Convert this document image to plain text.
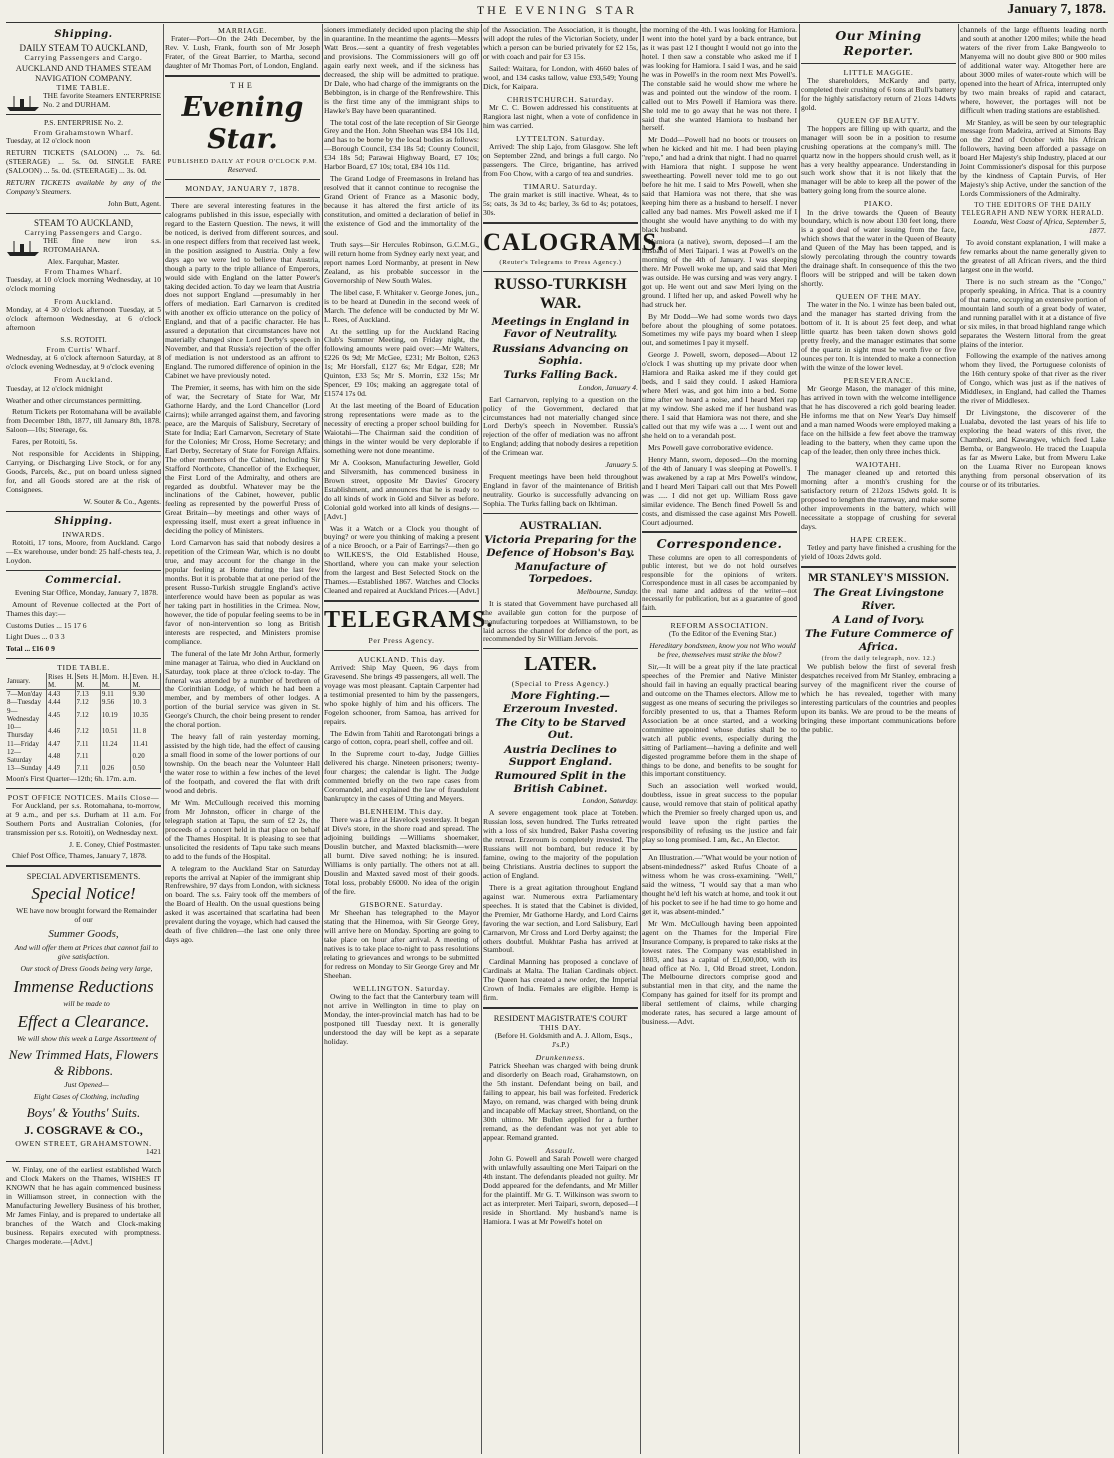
THE EVENING STAR	January 7, 1878.
Shipping.
DAILY STEAM TO AUCKLAND,
Carrying Passengers and Cargo.
AUCKLAND AND THAMES STEAM NAVIGATION COMPANY.
TIME TABLE.

THE favorite Steamers ENTERPRISE No. 2 and DURHAM.

P.S. ENTERPRISE No. 2.
From Grahamstown Wharf.

Tuesday, at 12 o'clock noon

RETURN TICKETS (SALOON) ... 7s. 6d. (STEERAGE) ... 5s. 0d. SINGLE FARE (SALOON) ... 5s. 0d. (STEERAGE) ... 3s. 0d.

RETURN TICKETS available by any of the Company's Steamers.

John Butt, Agent.

STEAM TO AUCKLAND,
Carrying Passengers and Cargo.

THE fine new iron s.s. ROTOMAHANA.

Alex. Farquhar, Master.
From Thames Wharf.

Tuesday, at 10 o'clock morning Wednesday, at 10 o'clock morning

From Auckland.

Monday, at 4 30 o'clock afternoon Tuesday, at 5 o'clock afternoon Wednesday, at 6 o'clock afternoon

S.S. ROTOITI.
From Curtis' Wharf.

Wednesday, at 6 o'clock afternoon Saturday, at 8 o'clock evening Wednesday, at 9 o'clock evening

From Auckland.

Tuesday, at 12 o'clock midnight

Weather and other circumstances permitting.

Return Tickets per Rotomahana will be available from December 18th, 1877, till January 8th, 1878. Saloon—10s; Steerage, 6s.

Fares, per Rotoiti, 5s.

Not responsible for Accidents in Shipping, Carrying, or Discharging Live Stock, or for any Goods, Parcels, &c., put on board unless signed for, and all Goods stored are at the risk of Consignees.

W. Souter & Co., Agents.

Shipping.
INWARDS.

Rotoiti, 17 tons, Moore, from Auckland. Cargo—Ex warehouse, under bond: 25 half-chests tea, J. Loydon.

Commercial.

Evening Star Office, Monday, January 7, 1878.

Amount of Revenue collected at the Port of Thames this day:—

Customs Duties ... 15 17 6

Light Dues ... 0 3 3

Total ... £16 0 9

TIDE TABLE.
January.	Rises H. M.	Sets H. M.	Morn. H. M.	Even. H. M.
7—Mon'day	4.43	7.13	9.11	9.30
8—Tuesday	4.44	7.12	9.56	10. 3
9—Wednesday	4.45	7.12	10.19	10.35
10—Thursday	4.46	7.12	10.51	11. 8
11—Friday	4.47	7.11	11.24	11.41
12—Saturday	4.48	7.11		0.20
13—Sunday	4.49	7.11	0.26	0.50

Moon's First Quarter—12th; 6h. 17m. a.m.

POST OFFICE NOTICES. Mails Close—

For Auckland, per s.s. Rotomahana, to-morrow, at 9 a.m., and per s.s. Durham at 11 a.m. For Southern Ports and Australian Colonies, (for transmission per s.s. Rotoiti), on Wednesday next.

J. E. Coney, Chief Postmaster.

Chief Post Office, Thames, January 7, 1878.

SPECIAL ADVERTISEMENTS.
Special Notice!

WE have now brought forward the Remainder of our

Summer Goods,

And will offer them at Prices that cannot fail to give satisfaction.

Our stock of Dress Goods being very large,

Immense Reductions

will be made to

Effect a Clearance.

We will show this week a Large Assortment of

New Trimmed Hats, Flowers & Ribbons.

Just Opened—

Eight Cases of Clothing, including

Boys' & Youths' Suits.
J. COSGRAVE & CO.,
OWEN STREET, GRAHAMSTOWN.

1421

W. Finlay, one of the earliest established Watch and Clock Makers on the Thames, WISHES IT KNOWN that he has again commenced business in Williamson street, in connection with the Manufacturing Jewellery Business of his brother, Mr James Finlay, and is prepared to undertake all branches of the Watch and Clock-making business. Repairs executed with promptness. Charges moderate.—[Advt.]

MARRIAGE.

Frater—Port—On the 24th December, by the Rev. V. Lush, Frank, fourth son of Mr Joseph Frater, of the Great Barrier, to Martha, second daughter of Mr Thomas Port, of London, England.

THE
Evening Star.
PUBLISHED DAILY AT FOUR O'CLOCK P.M.
Reserved.
MONDAY, JANUARY 7, 1878.

There are several interesting features in the calograms published in this issue, especially with regard to the Eastern Question. The news, it will be noticed, is derived from different sources, and in one respect differs from that received last week, in the position assigned to Austria. Only a few days ago we were led to believe that Austria, though a party to the triple alliance of Emperors, would side with England on the latter Power's taking decided action. To day we learn that Austria does not support England —presumably in her offers of mediation. Earl Carnarvon is credited with another ex officio utterance on the policy of England, and that of a pacific character. He has assured a deputation that circumstances have not materially changed since Lord Derby's speech in November, and that Russia's rejection of the offer of mediation is not understood as an affront to England. The rumored difference of opinion in the Cabinet we have previously noted.

The Premier, it seems, has with him on the side of war, the Secretary of State for War, Mr Gathorne Hardy, and the Lord Chancellor (Lord Cairns); while arranged against them, and favoring peace, are the Marquis of Salisbury, Secretary of State for India; Earl Carnarvon, Secretary of State for the Colonies; Mr Cross, Home Secretary; and Earl Derby, Secretary of State for Foreign Affairs. The other members of the Cabinet, including Sir Stafford Northcote, Chancellor of the Exchequer, the First Lord of the Admiralty, and others are regarded as doubtful. Whatever may be the inclinations of the Cabinet, however, public feeling as represented by the powerful Press of Great Britain—by meetings and other ways of expressing itself, must exert a great influence in deciding the policy of Ministers.

Lord Carnarvon has said that nobody desires a repetition of the Crimean War, which is no doubt true, and may account for the change in the popular feeling at Home during the last few months. But it is probable that at one period of the present Russo-Turkish struggle England's active interference would have been as popular as was her taking part in hostilities in the Crimea. Now, however, the tide of popular feeling seems to be in favor of non-intervention so long as British interests are respected, and Ministers promise compliance.

The funeral of the late Mr John Arthur, formerly mine manager at Tairua, who died in Auckland on Saturday, took place at three o'clock to-day. The funeral was attended by a number of brethren of the Corinthian Lodge, of which he had been a member, and by members of other lodges. A portion of the burial service was given in St. George's Church, the choir being present to render the choral portion.

The heavy fall of rain yesterday morning, assisted by the high tide, had the effect of causing a small flood in some of the lower portions of our township. On the beach near the Volunteer Hall the water rose to within a few inches of the level of the footpath, and covered the flat with drift wood and debris.

Mr Wm. McCullough received this morning from Mr Johnston, officer in charge of the telegraph station at Tapu, the sum of £2 2s, the proceeds of a concert held in that place on behalf of the Thames Hospital. It is pleasing to see that unsolicited the residents of Tapu take such means to add to the funds of the Hospital.

A telegram to the Auckland Star on Saturday reports the arrival at Napier of the immigrant ship Renfrewshire, 97 days from London, with sickness on board. The s.s. Fairy took off the members of the Board of Health. On the usual questions being asked it was ascertained that scarlatina had been prevalent during the voyage, which had caused the death of five children—the last one only three days ago.

sioners immediately decided upon placing the ship in quarantine. In the meantime the agents—Messrs Watt Bros.—sent a quantity of fresh vegetables and provisions. The Commissioners will go off again early next week, and if the sickness has decreased, the ship will be admitted to pratique. Dr Dale, who had charge of the immigrants on the Bebbington, is in charge of the Renfrewshire. This is the first time any of the immigrant ships to Hawke's Bay have been quarantined.

The total cost of the late reception of Sir George Grey and the Hon. John Sheehan was £84 10s 11d, and has to be borne by the local bodies as follows:—Borough Council, £34 18s 5d; County Council, £34 18s 5d; Parawai Highway Board, £7 10s; Harbor Board, £7 10s; total, £84 10s 11d.

The Grand Lodge of Freemasons in Ireland has resolved that it cannot continue to recognise the Grand Orient of France as a Masonic body, because it has altered the first article of its constitution, and omitted a declaration of belief in the existence of God and the immortality of the soul.

Truth says—Sir Hercules Robinson, G.C.M.G., will return home from Sydney early next year, and report names Lord Normanby, at present in New Zealand, as his probable successor in the Governorship of New South Wales.

The libel case, F. Whitaker v. George Jones, jun., is to be heard at Dunedin in the second week of March. The defence will be conducted by Mr W. L. Rees, of Auckland.

At the settling up for the Auckland Racing Club's Summer Meeting, on Friday night, the following amounts were paid over:—Mr Walters, £226 0s 9d; Mr McGee, £231; Mr Bolton, £263 1s; Mr Horsfall, £127 6s; Mr Edgar, £28; Mr Quinton, £33 5s; Mr S. Morrin, £32 15s; Mr Spencer, £9 10s; making an aggregate total of £1574 17s 0d.

At the last meeting of the Board of Education strong representations were made as to the necessity of erecting a proper school building for Waiotahi—The Chairman said the condition of things in the winter would be very deplorable if something were not done meantime.

Mr A. Cookson, Manufacturing Jeweller, Gold and Silversmith, has commenced business in Brown street, opposite Mr Davies' Grocery Establishment, and announces that he is ready to do all kinds of work in Gold and Silver as before. Colonial gold worked into all kinds of designs.—[Advt.]

Was it a Watch or a Clock you thought of buying? or were you thinking of making a present of a nice Brooch, or a Pair of Earrings?—then go to WILKES'S, the Old Established House, Shortland, where you can make your selection from the largest and Best Selected Stock on the Thames.—Established 1867. Watches and Clocks Cleaned and repaired at Auckland Prices.—[Advt.]

TELEGRAMS.
Per Press Agency.
AUCKLAND. This day.

Arrived: Ship May Queen, 96 days from Gravesend. She brings 49 passengers, all well. The voyage was most pleasant. Captain Carpenter had a testimonial presented to him by the passengers, who spoke highly of him and his officers. The Fogelon schooner, from Samoa, has arrived for repairs.

The Edwin from Tahiti and Rarotongati brings a cargo of cotton, copra, pearl shell, coffee and oil.

In the Supreme court to-day, Judge Gillies delivered his charge. Nineteen prisoners; twenty-four charges; the calendar is light. The Judge commented briefly on the two rape cases from Coromandel, and explained the law of fraudulent bankruptcy in the cases of Utting and Meyers.

BLENHEIM. This day.

There was a fire at Havelock yesterday. It began at Dive's store, in the shore road and spread. The adjoining buildings —Williams shoemaker, Douslin butcher, and Maxted blacksmith—were all burnt. Dive saved nothing; he is insured. Williams is only partially. The others not at all. Douslin and Maxted saved most of their goods. Total loss, probably £6000. No idea of the origin of the fire.

GISBORNE. Saturday.

Mr Sheehan has telegraphed to the Mayor stating that the Hinemoa, with Sir George Grey, will arrive here on Monday. Sporting are going to take place on hour after arrival. A meeting of natives is to take place to-night to pass resolutions relating to grievances and wrongs to be submitted for redress on Monday to Sir George Grey and Mr Sheehan.

WELLINGTON. Saturday.

Owing to the fact that the Canterbury team will not arrive in Wellington in time to play on Monday, the inter-provincial match has had to be postponed till Tuesday next. It is generally understood the day will be kept as a separate holiday.

of the Association. The Association, it is thought, will adopt the rules of the Victorian Society, under which a person can be buried privately for £2 15s, or with coach and pair for £3 15s.

Sailed: Waitara, for London, with 4660 bales of wool, and 134 casks tallow, value £93,549; Young Dick, for Kaipara.

CHRISTCHURCH. Saturday.

Mr C. C. Bowen addressed his constituents at Rangiora last night, when a vote of confidence in him was carried.

LYTTELTON. Saturday.

Arrived: The ship Lajo, from Glasgow. She left on September 22nd, and brings a full cargo. No passengers. The Circe, brigantine, has arrived from Foo Chow, with a cargo of tea and sundries.

TIMARU. Saturday.

The grain market is still inactive. Wheat, 4s to 5s; oats, 3s 3d to 4s; barley, 3s 6d to 4s; potatoes, 30s.

CALOGRAMS.
(Reuter's Telegrams to Press Agency.)
RUSSO-TURKISH WAR.
Meetings in England in Favor of Neutrality.
Russians Advancing on Sophia.
Turks Falling Back.

London, January 4.

Earl Carnarvon, replying to a question on the policy of the Government, declared that circumstances had not materially changed since Lord Derby's speech in November. Russia's rejection of the offer of mediation was no affront to England; adding that nobody desires a repetition of the Crimean war.

January 5.

Frequent meetings have been held throughout England in favor of the maintenance of British neutrality. Gourko is successfully advancing on Sophia. The Turks falling back on Ikhtiman.

AUSTRALIAN.
Victoria Preparing for the Defence of Hobson's Bay.
Manufacture of Torpedoes.

Melbourne, Sunday.

It is stated that Government have purchased all the available gun cotton for the purpose of manufacturing torpedoes at Williamstown, to be laid across the channel for defence of the port, as recommended by Sir William Jervois.

LATER.
(Special to Press Agency.)
More Fighting.—Erzeroum Invested.
The City to be Starved Out.
Austria Declines to Support England.
Rumoured Split in the British Cabinet.

London, Saturday.

A severe engagement took place at Toteben. Russian loss, seven hundred. The Turks retreated with a loss of six hundred, Baker Pasha covering the retreat. Erzeroum is completely invested. The Russians will not bombard, but reduce it by famine, owing to the majority of the population being Christians. Austria declines to support the action of England.

There is a great agitation throughout England against war. Numerous extra Parliamentary speeches. It is stated that the Cabinet is divided, the Premier, Mr Gathorne Hardy, and Lord Cairns favoring the war section, and Lord Salisbury, Earl Carnarvon, Mr Cross and Lord Derby against; the others doubtful. Mukhtar Pasha has arrived at Stamboul.

Cardinal Manning has proposed a conclave of Cardinals at Malta. The Italian Cardinals object. The Queen has created a new order, the Imperial Crown of India. Females are eligible. Hemp is firm.

RESIDENT MAGISTRATE'S COURT
THIS DAY.

(Before H. Goldsmith and A. J. Allom, Esqs., J's.P.)

Drunkenness.

Patrick Sheehan was charged with being drunk and disorderly on Beach road, Grahamstown, on the 5th instant. Defendant being on bail, and failing to appear, his bail was forfeited. Frederick Mayo, on remand, was charged with being drunk and incapable off Mackay street, Shortland, on the 30th ultimo. Mr Bullen applied for a further remand, as the defendant was not yet able to appear. Remand granted.

Assault.

John G. Powell and Sarah Powell were charged with unlawfully assaulting one Meri Taipari on the 4th instant. The defendants pleaded not guilty. Mr Dodd appeared for the defendants, and Mr Miller for the plaintiff. Mr G. T. Wilkinson was sworn to act as interpreter. Meri Taipari, sworn, deposed—I reside in Shortland. My husband's name is Hamiora. I was at Mr Powell's hotel on

the morning of the 4th. I was looking for Hamiora. I went into the hotel yard by a back entrance, but as it was past 12 I thought I would not go into the hotel. I then saw a constable who asked me if I was looking for Hamiora. I said I was, and he said he was in Powell's in the room next Mrs Powell's. The constable said he would show me where he was and pointed out the window of the room. I called out to Mrs Powell if Hamiora was there. She told me to go away that he was not there. I said that she wanted Hamiora to husband her herself.

Mr Dodd—Powell had no boots or trousers on when he kicked and hit me. I had been playing "repo," and had a drink that night. I had no quarrel with Hamiora that night. I suppose he went sweethearting. Powell never told me to go out before he hit me. I said to Mrs Powell, when she said that Hamiora was not there, that she was keeping him there as a husband to herself. I never called any bad names. Mrs Powell asked me if I thought she would have anything to do with my black husband.

Hamiora (a native), sworn, deposed—I am the husband of Meri Taipari. I was at Powell's on the morning of the 4th of January. I was sleeping there. Mr Powell woke me up, and said that Meri was outside. He was cursing and was very angry. I got up. He went out and saw Meri lying on the ground. I lifted her up, and asked Powell why he had struck her.

By Mr Dodd—We had some words two days before about the ploughing of some potatoes. Sometimes my wife pays my board when I sleep out, and sometimes I pay it myself.

George J. Powell, sworn, deposed—About 12 o'clock I was shutting up my private door when Hamiora and Raika asked me if they could get beds, and I said they could. I asked Hamiora where Meri was, and got him into a bed. Some time after we heard a noise, and I heard Meri rap at my window. She asked me if her husband was there. I said that Hamiora was not there, and she called out that my wife was a .... I went out and she held on to a verandah post.

Mrs Powell gave corroborative evidence.

Henry Mann, sworn, deposed—On the morning of the 4th of January I was sleeping at Powell's. I was awakened by a rap at Mrs Powell's window, and I heard Meri Taipari call out that Mrs Powell was ..... I did not get up. William Ross gave similar evidence. The Bench fined Powell 5s and costs, and dismissed the case against Mrs Powell. Court adjourned.

Correspondence.

These columns are open to all correspondents of public interest, but we do not hold ourselves responsible for the opinions of writers. Correspondence must in all cases be accompanied by the real name and address of the writer—not necessarily for publication, but as a guarantee of good faith.

REFORM ASSOCIATION.

(To the Editor of the Evening Star.)

Hereditary bondsmen, know you not Who would be free, themselves must strike the blow?

Sir,—It will be a great pity if the late practical speeches of the Premier and Native Minister should fail in having an equally practical bearing and outcome on the Thames electors. Allow me to suggest as one means of securing the privileges so forcibly presented to us, that a Thames Reform Association be at once started, and a working committee appointed whose duties shall be to watch all public events, especially during the sitting of Parliament—having a definite and well digested programme before them in the shape of things to be done, and benefits to be sought for this important constituency.

Such an association well worked would, doubtless, issue in great success to the popular cause, would remove that stain of political apathy which the Premier so freely charged upon us, and would leave upon the right parties the responsibility of refusing us the justice and fair play so long promised. I am, &c., An Elector.

An Illustration.—"What would be your notion of absent-mindedness?" asked Rufus Choate of a witness whom he was cross-examining. "Well," said the witness, "I would say that a man who thought he'd left his watch at home, and took it out of his pocket to see if he had time to go home and get it, was absent-minded."

Mr Wm. McCullough having been appointed agent on the Thames for the Imperial Fire Insurance Company, is prepared to take risks at the lowest rates. The Company was established in 1803, and has a capital of £1,600,000, with its head office at No. 1, Old Broad street, London. The Melbourne directors comprise good and substantial men in that city, and the name the Company has gained for itself for its prompt and liberal settlement of claims, while charging moderate rates, has secured a large amount of business.—Advt.

Our Mining Reporter.
LITTLE MAGGIE.

The shareholders, McKardy and party, completed their crushing of 6 tons at Bull's battery for the highly satisfactory return of 21ozs 14dwts gold.

QUEEN OF BEAUTY.

The hoppers are filling up with quartz, and the manager will soon be in a position to resume crushing operations at the company's mill. The quartz now in the hoppers should crush well, as it has a very healthy appearance. Understanding in such work show that it is not likely that the manager will be able to keep all the power of the battery going long from the source alone.

PIAKO.

In the drive towards the Queen of Beauty boundary, which is now about 130 feet long, there is a good deal of water issuing from the face, which shows that the water in the Queen of Beauty and Queen of the May has been tapped, and is slowly percolating through the country towards the drainage shaft. In consequence of this the two floors will be stripped and will be taken down shortly.

QUEEN OF THE MAY.

The water in the No. 1 winze has been baled out, and the manager has started driving from the bottom of it. It is about 25 feet deep, and what little quartz has been taken down shows gold pretty freely, and the manager estimates that some of the quartz in sight must be worth five or five ounces per ton. It is intended to make a connection with the winze of the lower level.

PERSEVERANCE.

Mr George Mason, the manager of this mine, has arrived in town with the welcome intelligence that he has discovered a rich gold bearing leader. He informs me that on New Year's Day himself and a man named Woods were employed making a face on the hillside a few feet above the tramway leading to the battery, when they came upon the cap of the leader, then only three inches thick.

WAIOTAHI.

The manager cleaned up and retorted this morning after a month's crushing for the satisfactory return of 212ozs 15dwts gold. It is proposed to lengthen the tramway, and make some other improvements in the battery, which will necessitate a stoppage of crushing for several days.

HAPE CREEK.

Tetley and party have finished a crushing for the yield of 10ozs 2dwts gold.

MR STANLEY'S MISSION.
The Great Livingstone River.
A Land of Ivory.
The Future Commerce of Africa.
(from the daily telegraph, nov. 12.)

We publish below the first of several fresh despatches received from Mr Stanley, embracing a survey of the magnificent river the course of which he has revealed, together with many interesting particulars of the countries and peoples upon its banks. We are proud to be the means of bringing these important communications before the public.

channels of the large effluents leading north and south at another 1200 miles; while the head waters of the river from Lake Bangweolo to Manyema will no doubt give 800 or 900 miles of additional water way. Altogether here are about 3000 miles of water-route which will be opened into the heart of Africa, interrupted only by two main breaks of rapid and cataract, where, however, the portages will not be difficult when trading stations are established.

Mr Stanley, as will be seen by our telegraphic message from Madeira, arrived at Simons Bay on the 22nd of October with his African followers, having been afforded a passage on board Her Majesty's ship Industry, placed at our Joint Commissioner's disposal for this purpose by the kindness of Captain Purvis, of Her Majesty's ship Active, under the sanction of the Lords Commissioners of the Admiralty.

TO THE EDITORS OF THE DAILY TELEGRAPH AND NEW YORK HERALD.

Loanda, West Coast of Africa, September 5, 1877.

To avoid constant explanation, I will make a few remarks about the name generally given to the greatest of all African rivers, and the third largest one in the world.

There is no such stream as the "Congo," properly speaking, in Africa. That is a country of that name, occupying an extensive portion of mountain land south of a great body of water, and running parallel with it at a distance of five or six miles, in that broad highland range which separates the Western littoral from the great plains of the interior.

Following the example of the natives among whom they lived, the Portuguese colonists of the 16th century spoke of that river as the river of Congo, which was just as if the natives of Middlesex, in England, had called the Thames the river of Middlesex.

Dr Livingstone, the discoverer of the Lualaba, devoted the last years of his life to exploring the head waters of this river, the Chambezi, and Kawangwe, which feed Lake Bemba, or Bangweolo. He traced the Luapula as far as Mweru Lake, but from Mweru Lake on the Luama River no European knows anything from personal observation of its course or of its tributaries.
